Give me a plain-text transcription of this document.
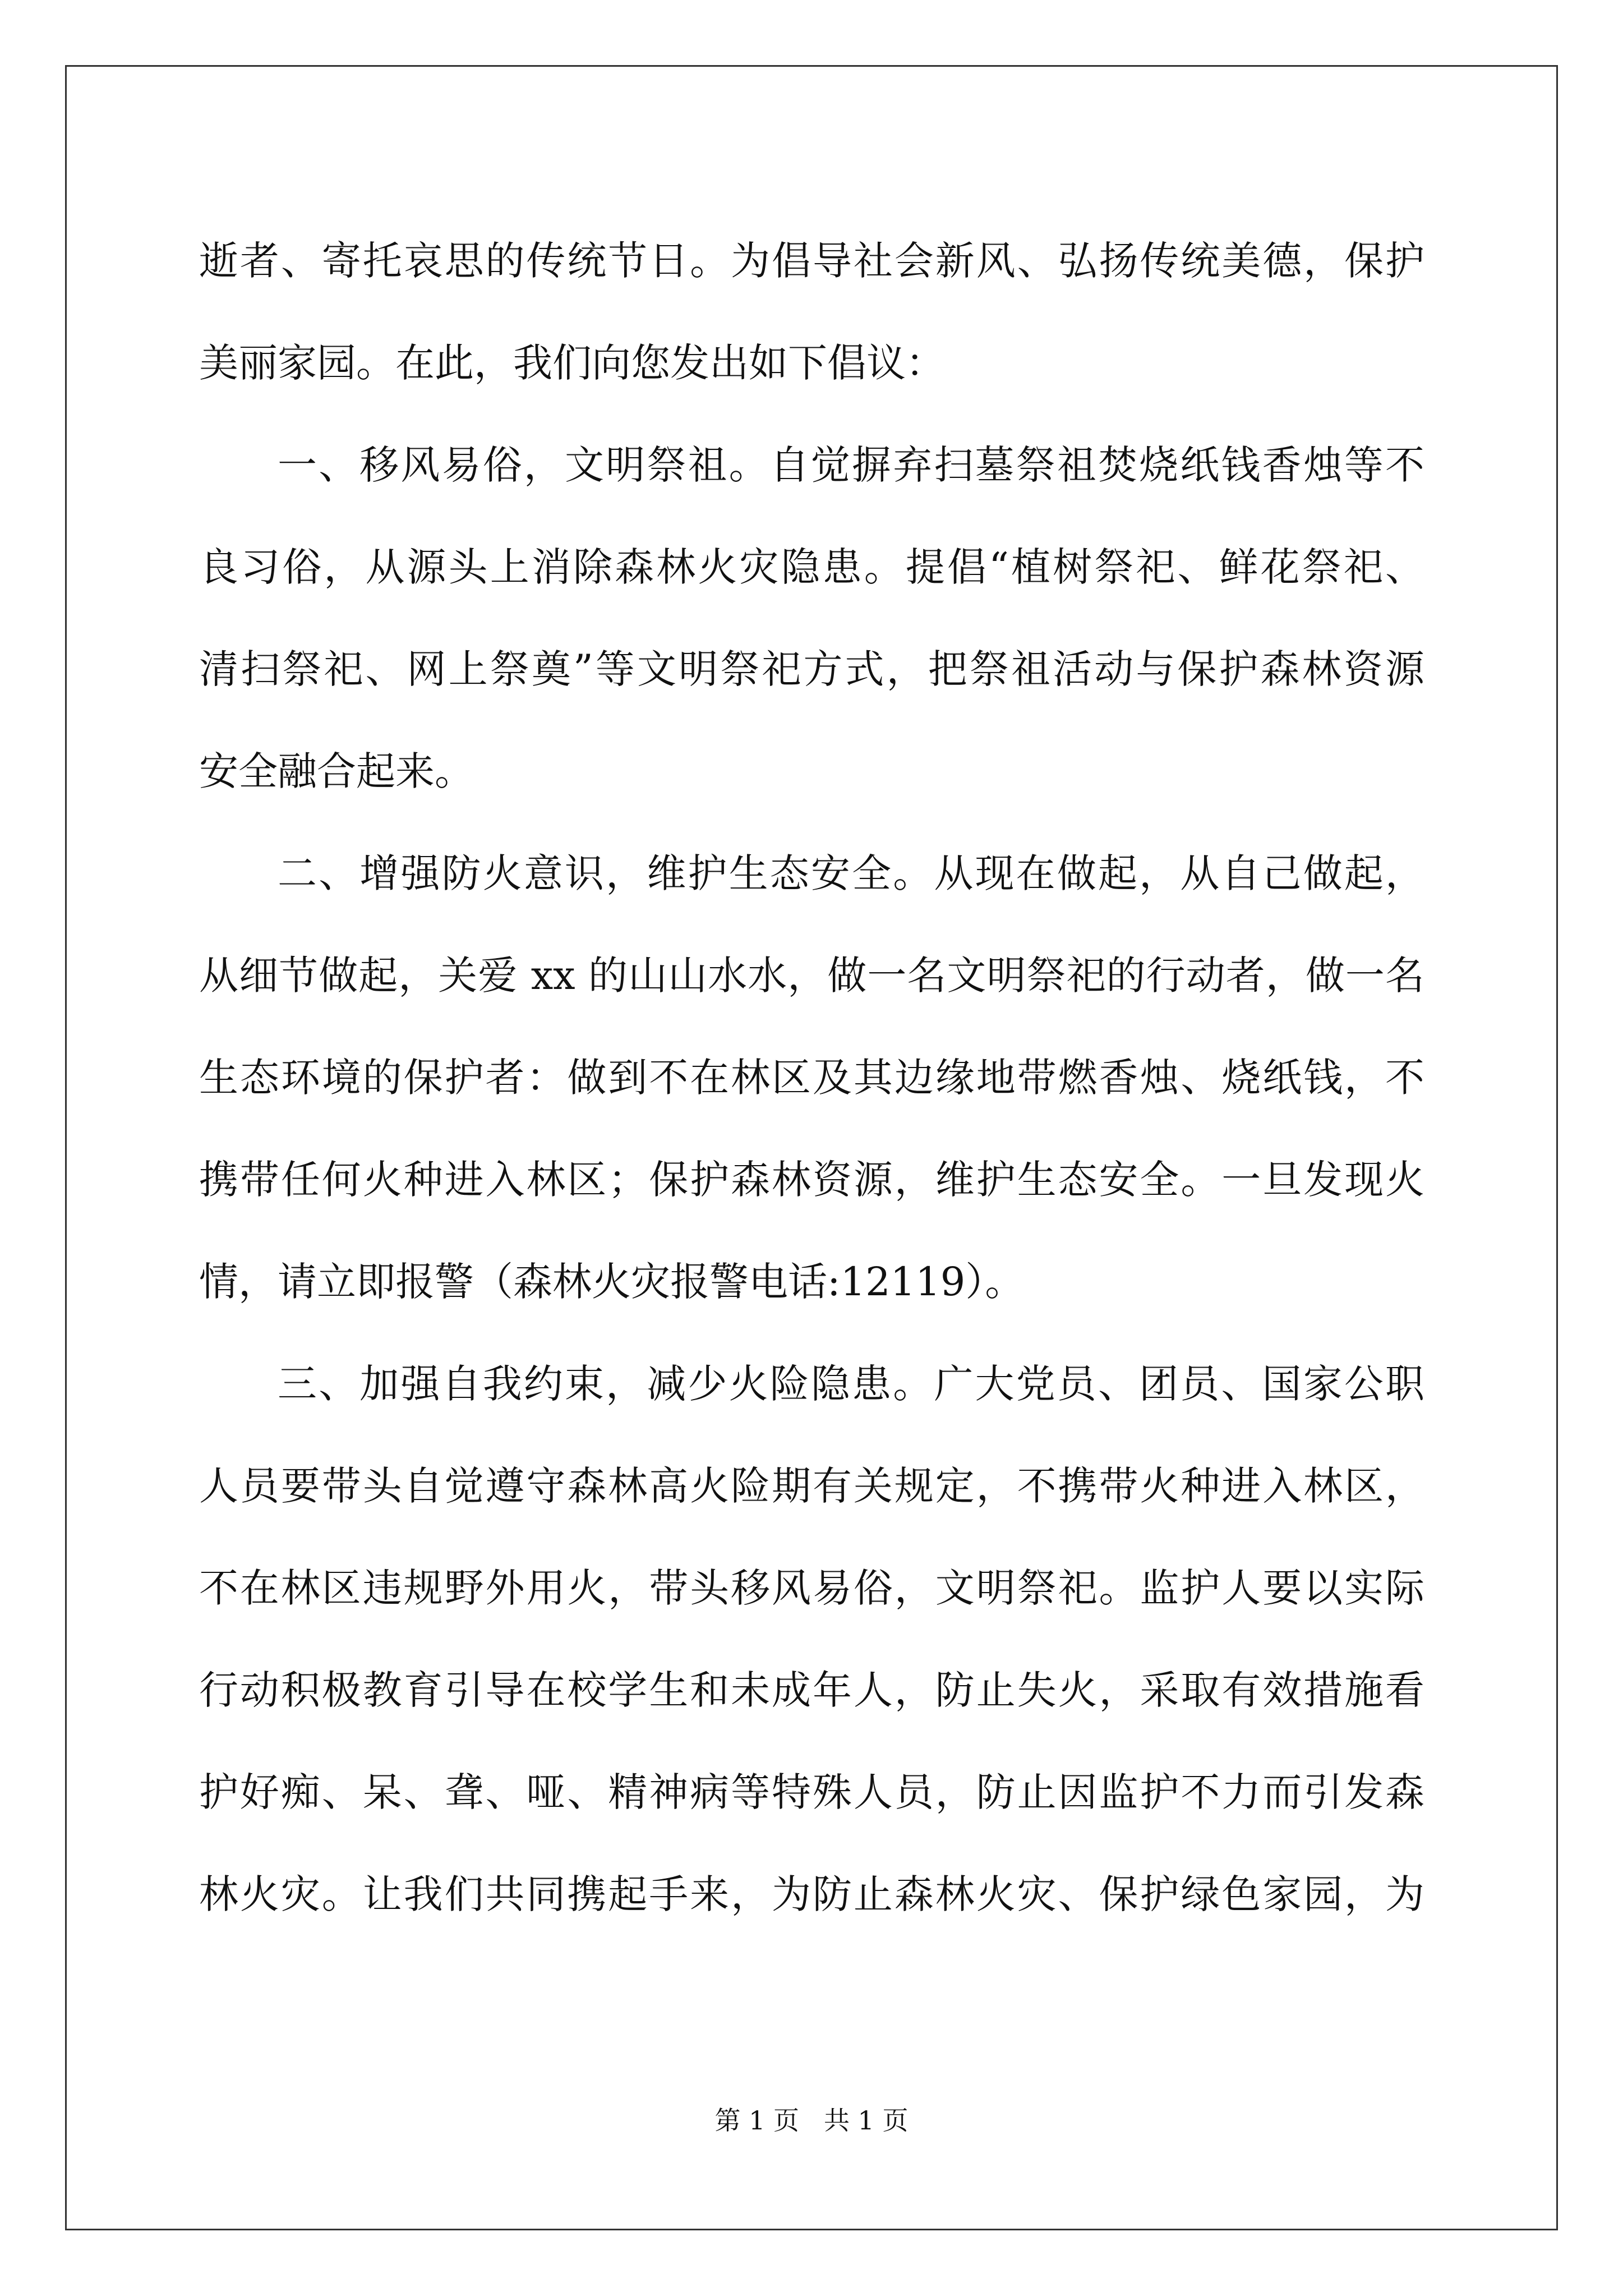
逝者、寄托哀思的传统节日。为倡导社会新风、弘扬传统美德，保护
美丽家园。在此，我们向您发出如下倡议：
一、移风易俗，文明祭祖。自觉摒弃扫墓祭祖焚烧纸钱香烛等不
良习俗，从源头上消除森林火灾隐患。提倡“植树祭祀、鲜花祭祀、
清扫祭祀、网上祭奠”等文明祭祀方式，把祭祖活动与保护森林资源
安全融合起来。
二、增强防火意识，维护生态安全。从现在做起，从自己做起，
从细节做起，关爱 xx 的山山水水，做一名文明祭祀的行动者，做一名
生态环境的保护者：做到不在林区及其边缘地带燃香烛、烧纸钱，不
携带任何火种进入林区；保护森林资源，维护生态安全。一旦发现火
情，请立即报警（森林火灾报警电话:12119）。
三、加强自我约束，减少火险隐患。广大党员、团员、国家公职
人员要带头自觉遵守森林高火险期有关规定，不携带火种进入林区，
不在林区违规野外用火，带头移风易俗，文明祭祀。监护人要以实际
行动积极教育引导在校学生和未成年人，防止失火，采取有效措施看
护好痴、呆、聋、哑、精神病等特殊人员，防止因监护不力而引发森
林火灾。让我们共同携起手来，为防止森林火灾、保护绿色家园，为
第 1 页 共 1 页
